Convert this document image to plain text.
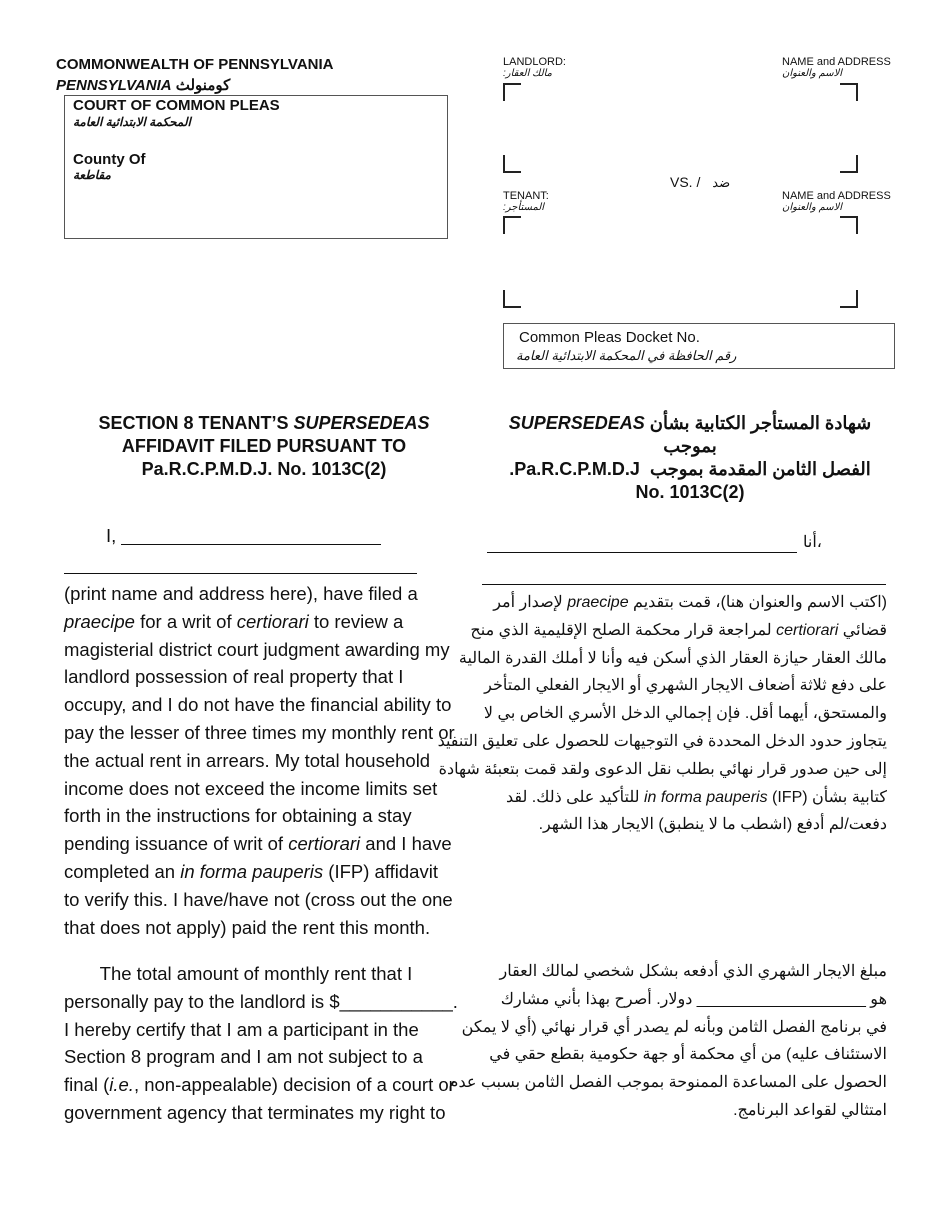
COMMONWEALTH OF PENNSYLVANIA
PENNSYLVANIA كومنولث
COURT OF COMMON PLEAS
المحكمة الابتدائية العامة
County Of
مقاطعة
LANDLORD:
مالك العقار:
NAME and ADDRESS
الاسم والعنوان
VS. / ضد
TENANT:
المستأجر:
NAME and ADDRESS
الاسم والعنوان
Common Pleas Docket No.
رقم الحافظة في المحكمة الابتدائية العامة
SECTION 8 TENANT’S SUPERSEDEAS
AFFIDAVIT FILED PURSUANT TO
Pa.R.C.P.M.D.J. No. 1013C(2)
شهادة المستأجر الكتابية بشأن SUPERSEDEAS بموجب
الفصل الثامن المقدمة بموجب  Pa.R.C.P.M.D.J.
No. 1013C(2)
I,
(print name and address here), have filed a
praecipe for a writ of certiorari to review a
magisterial district court judgment awarding my
landlord possession of real property that I
occupy, and I do not have the financial ability to
pay the lesser of three times my monthly rent or
the actual rent in arrears. My total household
income does not exceed the income limits set
forth in the instructions for obtaining a stay
pending issuance of writ of certiorari and I have
completed an in forma pauperis (IFP) affidavit
to verify this. I have/have not (cross out the one
that does not apply) paid the rent this month.
The total amount of monthly rent that I
personally pay to the landlord is $___________.
I hereby certify that I am a participant in the
Section 8 program and I am not subject to a
final (i.e., non-appealable) decision of a court or
government agency that terminates my right to
أنا،
(اكتب الاسم والعنوان هنا)، قمت بتقديم praecipe لإصدار أمر
قضائي certiorari لمراجعة قرار محكمة الصلح الإقليمية الذي منح
مالك العقار حيازة العقار الذي أسكن فيه وأنا لا أملك القدرة المالية
على دفع ثلاثة أضعاف الايجار الشهري أو الايجار الفعلي المتأخر
والمستحق، أيهما أقل. فإن إجمالي الدخل الأسري الخاص بي لا
يتجاوز حدود الدخل المحددة في التوجيهات للحصول على تعليق التنفيذ
إلى حين صدور قرار نهائي بطلب نقل الدعوى ولقد قمت بتعبئة شهادة
كتابية بشأن in forma pauperis (IFP) للتأكيد على ذلك. لقد
دفعت/لم أدفع (اشطب ما لا ينطبق) الايجار هذا الشهر.
مبلغ الايجار الشهري الذي أدفعه بشكل شخصي لمالك العقار
هو ___________________ دولار. أصرح بهذا بأني مشارك
في برنامج الفصل الثامن وبأنه لم يصدر أي قرار نهائي (أي لا يمكن
الاستئناف عليه) من أي محكمة أو جهة حكومية بقطع حقي في
الحصول على المساعدة الممنوحة بموجب الفصل الثامن بسبب عدم
امتثالي لقواعد البرنامج.
